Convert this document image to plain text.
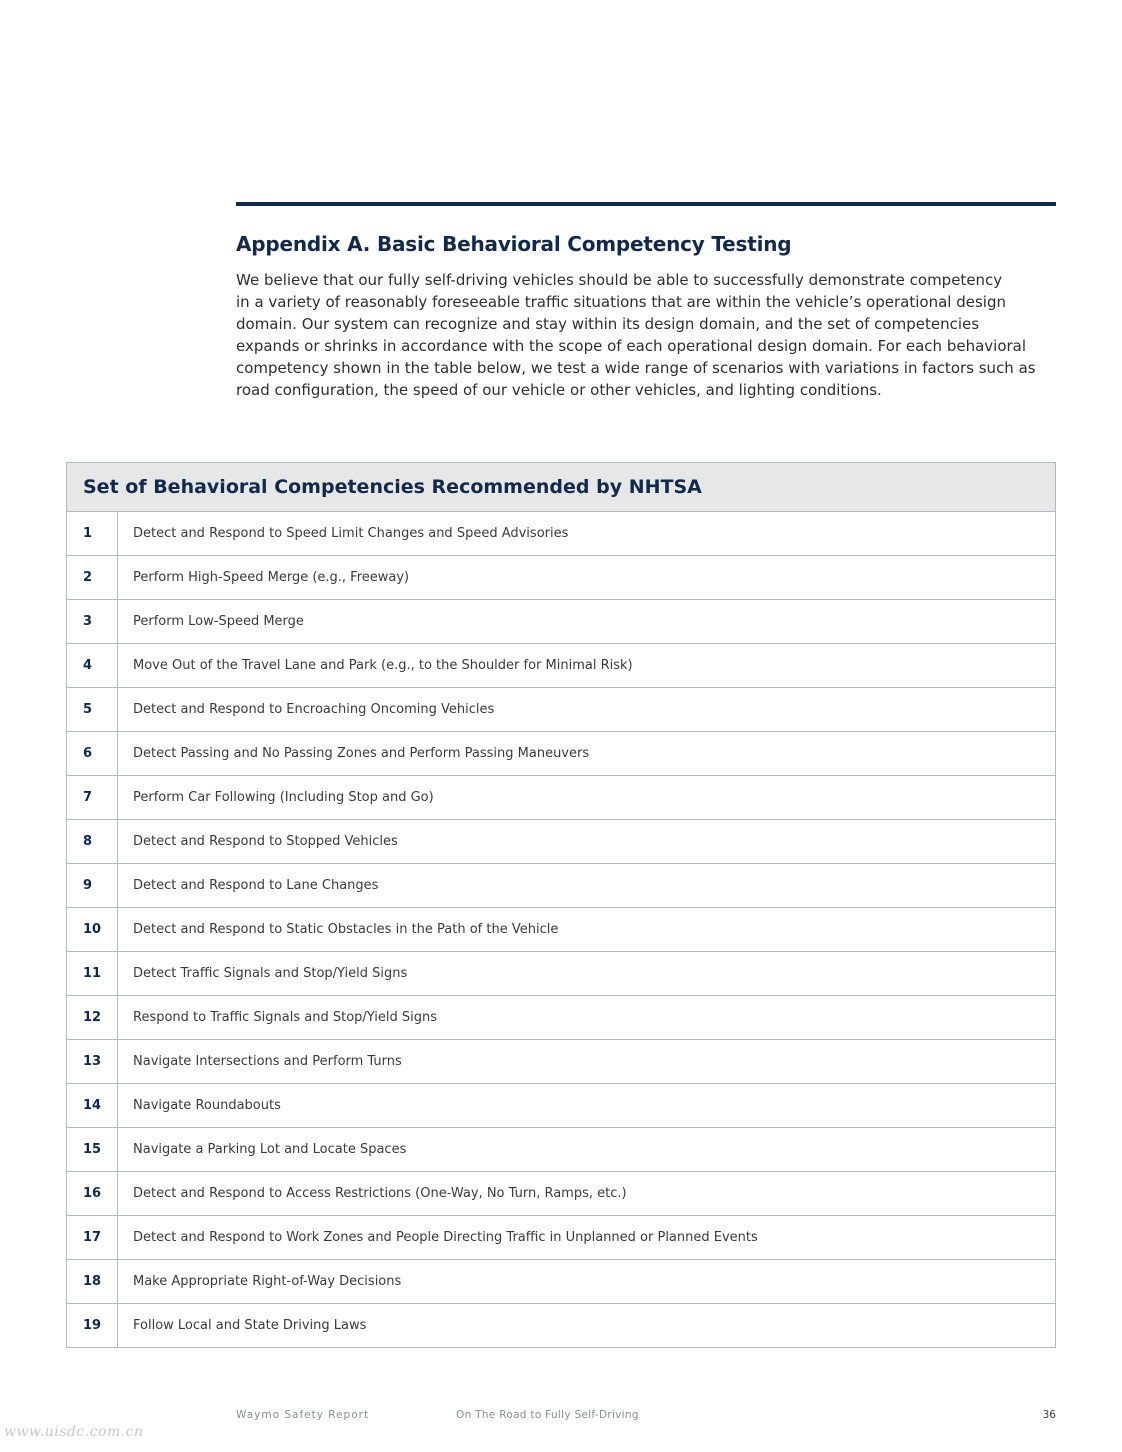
Appendix A. Basic Behavioral Competency Testing
We believe that our fully self-driving vehicles should be able to successfully demonstrate competency
in a variety of reasonably foreseeable traffic situations that are within the vehicle’s operational design
domain. Our system can recognize and stay within its design domain, and the set of competencies
expands or shrinks in accordance with the scope of each operational design domain. For each behavioral
competency shown in the table below, we test a wide range of scenarios with variations in factors such as
road configuration, the speed of our vehicle or other vehicles, and lighting conditions.
Set of Behavioral Competencies Recommended by NHTSA	
1	Detect and Respond to Speed Limit Changes and Speed Advisories
2	Perform High-Speed Merge (e.g., Freeway)
3	Perform Low-Speed Merge
4	Move Out of the Travel Lane and Park (e.g., to the Shoulder for Minimal Risk)
5	Detect and Respond to Encroaching Oncoming Vehicles
6	Detect Passing and No Passing Zones and Perform Passing Maneuvers
7	Perform Car Following (Including Stop and Go)
8	Detect and Respond to Stopped Vehicles
9	Detect and Respond to Lane Changes
10	Detect and Respond to Static Obstacles in the Path of the Vehicle
11	Detect Traffic Signals and Stop/Yield Signs
12	Respond to Traffic Signals and Stop/Yield Signs
13	Navigate Intersections and Perform Turns
14	Navigate Roundabouts
15	Navigate a Parking Lot and Locate Spaces
16	Detect and Respond to Access Restrictions (One-Way, No Turn, Ramps, etc.)
17	Detect and Respond to Work Zones and People Directing Traffic in Unplanned or Planned Events
18	Make Appropriate Right-of-Way Decisions
19	Follow Local and State Driving Laws
Waymo Safety Report	On The Road to Fully Self-Driving	36
www.uisdc.com.cn
